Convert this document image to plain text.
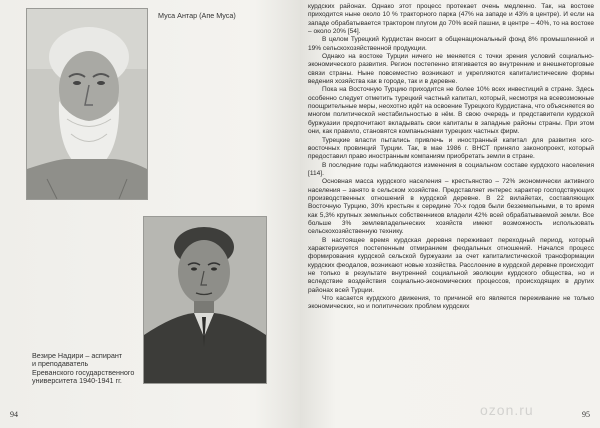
Муса Антар (Апе Муса)
Везире Надири – аспирант
и преподаватель
Ереванского государственного
университета 1940-1941 гг.
94

курдских районах. Однако этот процесс протекает очень медленно. Так, на востоке приходится ныне около 10 % тракторного парка (47% на западе и 43% в центре). И если на западе обрабатывается трактором плугом до 70% всей пашни, в центре – 40%, то на востоке – около 20% [54].

В целом Турецкий Курдистан вносит в общенациональный фонд 8% промышленной и 19% сельскохозяйственной продукции.

Однако на востоке Турции ничего не меняется с точки зрения условий социально-экономического развития. Регион постепенно втягивается во внутренние и внешнеторговые связи страны. Ныне повсеместно возникают и укрепляются капиталистические формы ведения хозяйства как в городе, так и в деревне.

Пока на Восточную Турцию приходится не более 10% всех инвестиций в стране. Здесь особенно следует отметить турецкий частный капитал, который, несмотря на всевозможные поощрительные меры, неохотно идёт на освоение Турецкого Курдистана, что объясняется во многом политической нестабильностью в нём. В свою очередь и представители курдской буржуазии предпочитают вкладывать свои капиталы в западные районы страны. При этом они, как правило, становятся компаньонами турецких частных фирм.

Турецкие власти пытались привлечь и иностранный капитал для развития юго-восточных провинций Турции. Так, в мае 1986 г. ВНСТ приняло законопроект, который предоставил право иностранным компаниям приобретать земли в стране.

В последние годы наблюдаются изменения в социальном составе курдского населения [114].

Основная масса курдского населения – крестьянство – 72% экономически активного населения – занято в сельском хозяйстве. Представляет интерес характер господствующих производственных отношений в курдской деревне. В 22 вилайетах, составляющих Восточную Турцию, 30% крестьян к середине 70-х годов были безземельными, в то время как 5,3% крупных земельных собственников владели 42% всей обрабатываемой земли. Все больше 3% землевладельческих хозяйств имеют возможность использовать сельскохозяйственную технику.

В настоящее время курдская деревня переживает переходный период, который характеризуется постепенным отмиранием феодальных отношений. Начался процесс формирования курдской сельской буржуазии за счет капиталистической трансформации курдских феодалов, возникают новые хозяйства. Расслоение в курдской деревне происходит не только в результате внутренней социальной эволюции курдского общества, но и вследствие воздействия социально-экономических процессов, происходящих в других районах всей Турции.

Что касается курдского движения, то причиной его является переживание не только экономических, но и политических проблем курдских

ozon.ru	95
